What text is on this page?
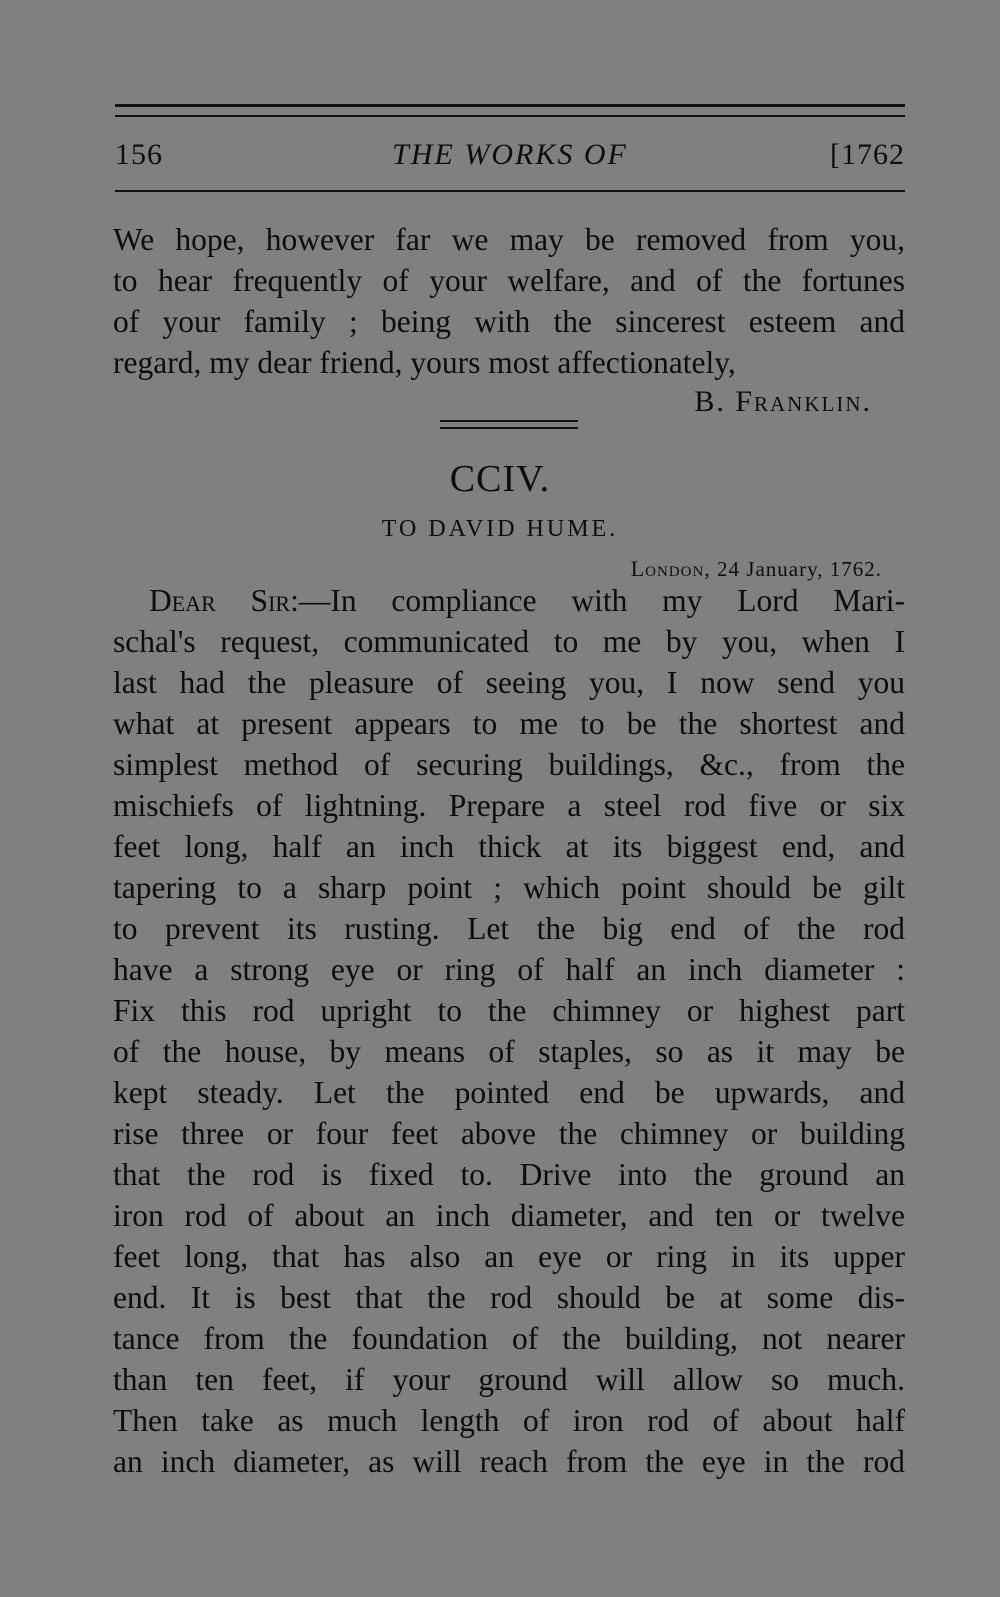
156	THE WORKS OF	[1762
We hope, however far we may be removed from you,
to hear frequently of your welfare, and of the fortunes
of your family ; being with the sincerest esteem and
regard, my dear friend, yours most affectionately,
B. Franklin.
CCIV.
TO DAVID HUME.
London, 24 January, 1762.
Dear Sir:—In compliance with my Lord Mari-
schal's request, communicated to me by you, when I
last had the pleasure of seeing you, I now send you
what at present appears to me to be the shortest and
simplest method of securing buildings, &c., from the
mischiefs of lightning. Prepare a steel rod five or six
feet long, half an inch thick at its biggest end, and
tapering to a sharp point ; which point should be gilt
to prevent its rusting. Let the big end of the rod
have a strong eye or ring of half an inch diameter :
Fix this rod upright to the chimney or highest part
of the house, by means of staples, so as it may be
kept steady. Let the pointed end be upwards, and
rise three or four feet above the chimney or building
that the rod is fixed to. Drive into the ground an
iron rod of about an inch diameter, and ten or twelve
feet long, that has also an eye or ring in its upper
end. It is best that the rod should be at some dis-
tance from the foundation of the building, not nearer
than ten feet, if your ground will allow so much.
Then take as much length of iron rod of about half
an inch diameter, as will reach from the eye in the rod
